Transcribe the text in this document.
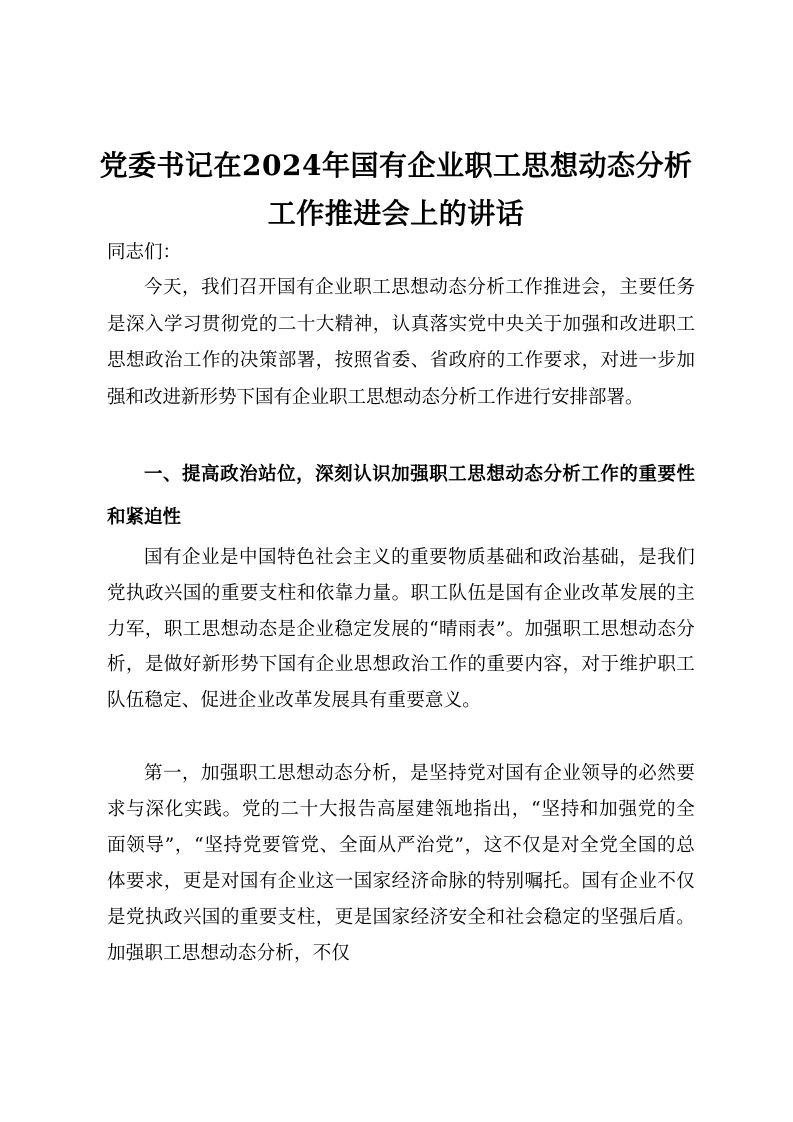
党委书记在2024年国有企业职工思想动态分析工作推进会上的讲话
同志们：
今天，我们召开国有企业职工思想动态分析工作推进会，主要任务是深入学习贯彻党的二十大精神，认真落实党中央关于加强和改进职工思想政治工作的决策部署，按照省委、省政府的工作要求，对进一步加强和改进新形势下国有企业职工思想动态分析工作进行安排部署。
一、提高政治站位，深刻认识加强职工思想动态分析工作的重要性和紧迫性
国有企业是中国特色社会主义的重要物质基础和政治基础，是我们党执政兴国的重要支柱和依靠力量。职工队伍是国有企业改革发展的主力军，职工思想动态是企业稳定发展的“晴雨表”。加强职工思想动态分析，是做好新形势下国有企业思想政治工作的重要内容，对于维护职工队伍稳定、促进企业改革发展具有重要意义。
第一，加强职工思想动态分析，是坚持党对国有企业领导的必然要求与深化实践。党的二十大报告高屋建瓴地指出，“坚持和加强党的全面领导”，“坚持党要管党、全面从严治党”，这不仅是对全党全国的总体要求，更是对国有企业这一国家经济命脉的特别嘱托。国有企业不仅是党执政兴国的重要支柱，更是国家经济安全和社会稳定的坚强后盾。加强职工思想动态分析，不仅
